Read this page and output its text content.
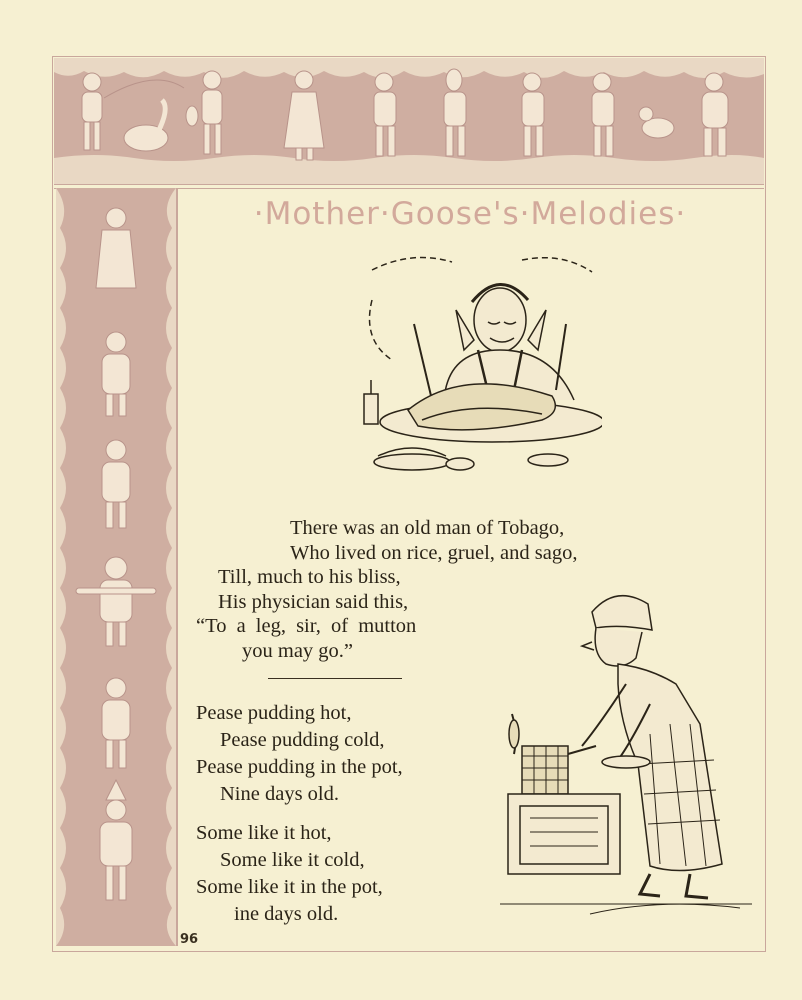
·Mother·Goose's·Melodies·
There was an old man of Tobago,
Who lived on rice, gruel, and sago,
Till, much to his bliss,
His physician said this,
“To a leg, sir, of mutton
you may go.”
Pease pudding hot,
Pease pudding cold,
Pease pudding in the pot,
Nine days old.
Some like it hot,
Some like it cold,
Some like it in the pot,
ine days old.
96
